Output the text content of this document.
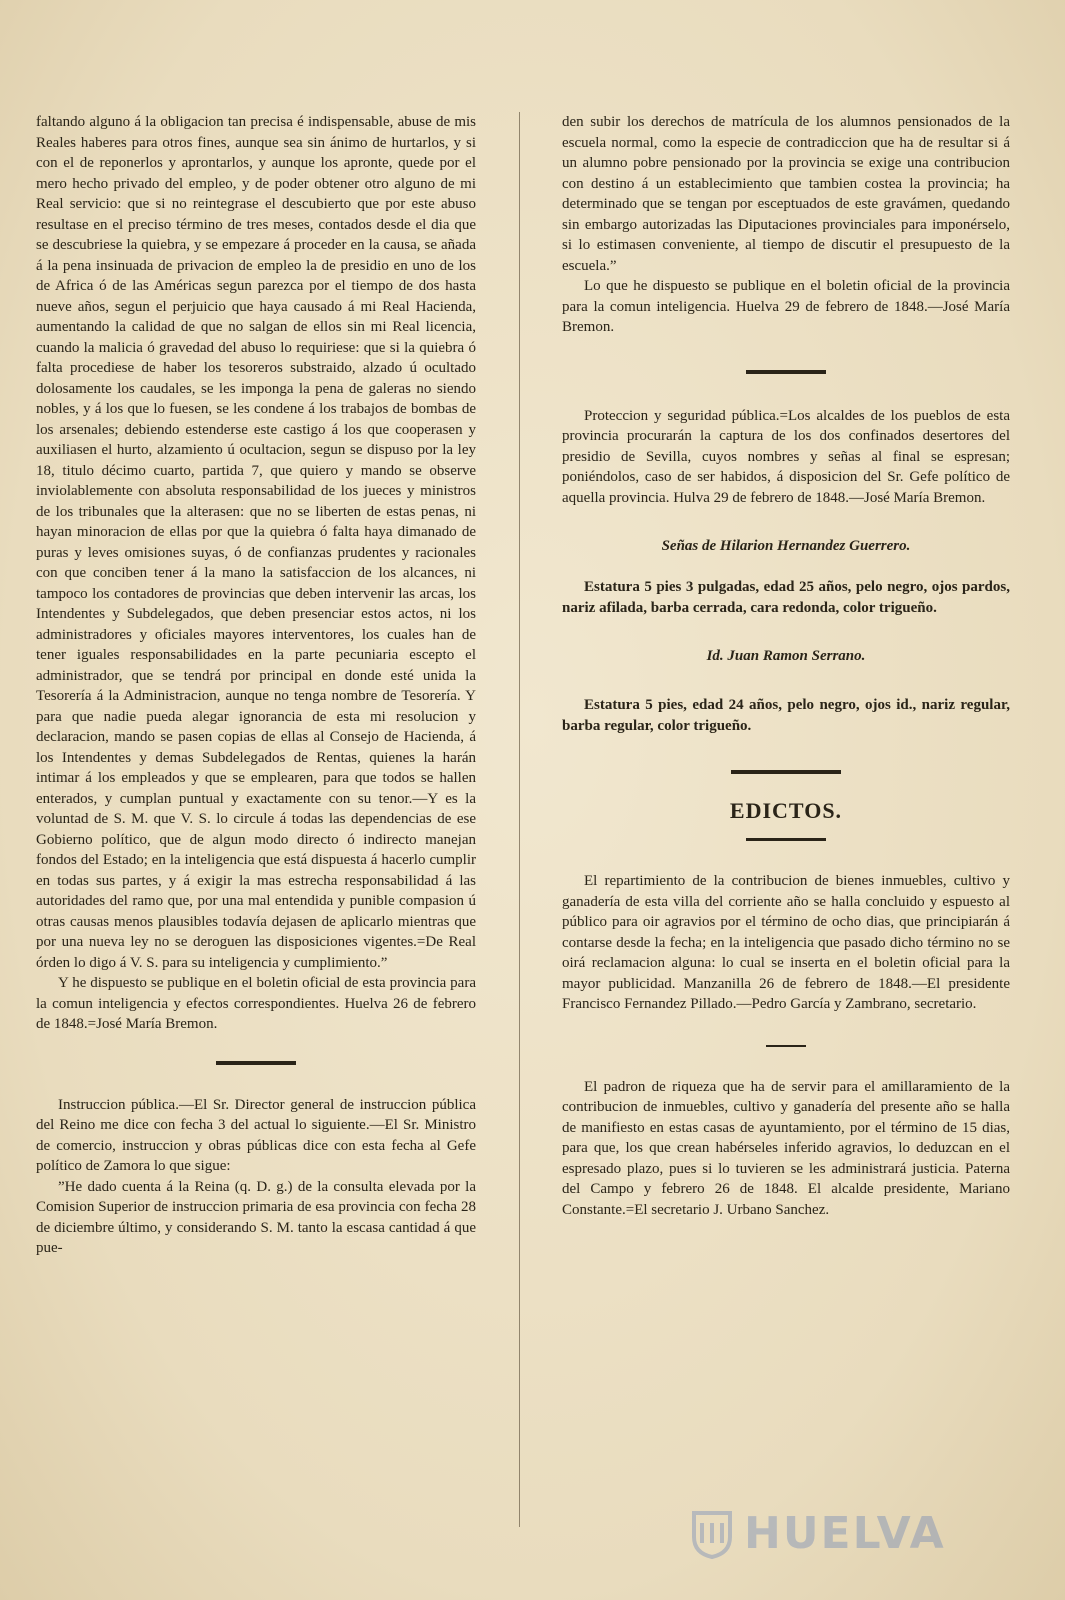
faltando alguno á la obligacion tan precisa é indispensable, abuse de mis Reales haberes para otros fines, aunque sea sin ánimo de hurtarlos, y si con el de reponerlos y aprontarlos, y aunque los apronte, quede por el mero hecho privado del empleo, y de poder obtener otro alguno de mi Real servicio: que si no reintegrase el descubierto que por este abuso resultase en el preciso término de tres meses, contados desde el dia que se descubriese la quiebra, y se empezare á proceder en la causa, se añada á la pena insinuada de privacion de empleo la de presidio en uno de los de Africa ó de las Américas segun parezca por el tiempo de dos hasta nueve años, segun el perjuicio que haya causado á mi Real Hacienda, aumentando la calidad de que no salgan de ellos sin mi Real licencia, cuando la malicia ó gravedad del abuso lo requiriese: que si la quiebra ó falta procediese de haber los tesoreros substraido, alzado ú ocultado dolosamente los caudales, se les imponga la pena de galeras no siendo nobles, y á los que lo fuesen, se les condene á los trabajos de bombas de los arsenales; debiendo estenderse este castigo á los que cooperasen y auxiliasen el hurto, alzamiento ú ocultacion, segun se dispuso por la ley 18, titulo décimo cuarto, partida 7, que quiero y mando se observe inviolablemente con absoluta responsabilidad de los jueces y ministros de los tribunales que la alterasen: que no se liberten de estas penas, ni hayan minoracion de ellas por que la quiebra ó falta haya dimanado de puras y leves omisiones suyas, ó de confianzas prudentes y racionales con que conciben tener á la mano la satisfaccion de los alcances, ni tampoco los contadores de provincias que deben intervenir las arcas, los Intendentes y Subdelegados, que deben presenciar estos actos, ni los administradores y oficiales mayores interventores, los cuales han de tener iguales responsabilidades en la parte pecuniaria escepto el administrador, que se tendrá por principal en donde esté unida la Tesorería á la Administracion, aunque no tenga nombre de Tesorería. Y para que nadie pueda alegar ignorancia de esta mi resolucion y declaracion, mando se pasen copias de ellas al Consejo de Hacienda, á los Intendentes y demas Subdelegados de Rentas, quienes la harán intimar á los empleados y que se emplearen, para que todos se hallen enterados, y cumplan puntual y exactamente con su tenor.—Y es la voluntad de S. M. que V. S. lo circule á todas las dependencias de ese Gobierno político, que de algun modo directo ó indirecto manejan fondos del Estado; en la inteligencia que está dispuesta á hacerlo cumplir en todas sus partes, y á exigir la mas estrecha responsabilidad á las autoridades del ramo que, por una mal entendida y punible compasion ú otras causas menos plausibles todavía dejasen de aplicarlo mientras que por una nueva ley no se deroguen las disposiciones vigentes.=De Real órden lo digo á V. S. para su inteligencia y cumplimiento.”

Y he dispuesto se publique en el boletin oficial de esta provincia para la comun inteligencia y efectos correspondientes. Huelva 26 de febrero de 1848.=José María Bremon.

Instruccion pública.—El Sr. Director general de instruccion pública del Reino me dice con fecha 3 del actual lo siguiente.—El Sr. Ministro de comercio, instruccion y obras públicas dice con esta fecha al Gefe político de Zamora lo que sigue:

”He dado cuenta á la Reina (q. D. g.) de la consulta elevada por la Comision Superior de instruccion primaria de esa provincia con fecha 28 de diciembre último, y considerando S. M. tanto la escasa cantidad á que pue-

den subir los derechos de matrícula de los alumnos pensionados de la escuela normal, como la especie de contradiccion que ha de resultar si á un alumno pobre pensionado por la provincia se exige una contribucion con destino á un establecimiento que tambien costea la provincia; ha determinado que se tengan por esceptuados de este gravámen, quedando sin embargo autorizadas las Diputaciones provinciales para imponérselo, si lo estimasen conveniente, al tiempo de discutir el presupuesto de la escuela.”

Lo que he dispuesto se publique en el boletin oficial de la provincia para la comun inteligencia. Huelva 29 de febrero de 1848.—José María Bremon.

Proteccion y seguridad pública.=Los alcaldes de los pueblos de esta provincia procurarán la captura de los dos confinados desertores del presidio de Sevilla, cuyos nombres y señas al final se espresan; poniéndolos, caso de ser habidos, á disposicion del Sr. Gefe político de aquella provincia. Hulva 29 de febrero de 1848.—José María Bremon.

Señas de Hilarion Hernandez Guerrero.

Estatura 5 pies 3 pulgadas, edad 25 años, pelo negro, ojos pardos, nariz afilada, barba cerrada, cara redonda, color trigueño.

Id. Juan Ramon Serrano.

Estatura 5 pies, edad 24 años, pelo negro, ojos id., nariz regular, barba regular, color trigueño.

EDICTOS.

El repartimiento de la contribucion de bienes inmuebles, cultivo y ganadería de esta villa del corriente año se halla concluido y espuesto al público para oir agravios por el término de ocho dias, que principiarán á contarse desde la fecha; en la inteligencia que pasado dicho término no se oirá reclamacion alguna: lo cual se inserta en el boletin oficial para la mayor publicidad. Manzanilla 26 de febrero de 1848.—El presidente Francisco Fernandez Pillado.—Pedro García y Zambrano, secretario.

El padron de riqueza que ha de servir para el amillaramiento de la contribucion de inmuebles, cultivo y ganadería del presente año se halla de manifiesto en estas casas de ayuntamiento, por el término de 15 dias, para que, los que crean habérseles inferido agravios, lo deduzcan en el espresado plazo, pues si lo tuvieren se les administrará justicia. Paterna del Campo y febrero 26 de 1848. El alcalde presidente, Mariano Constante.=El secretario J. Urbano Sanchez.

HUELVA
